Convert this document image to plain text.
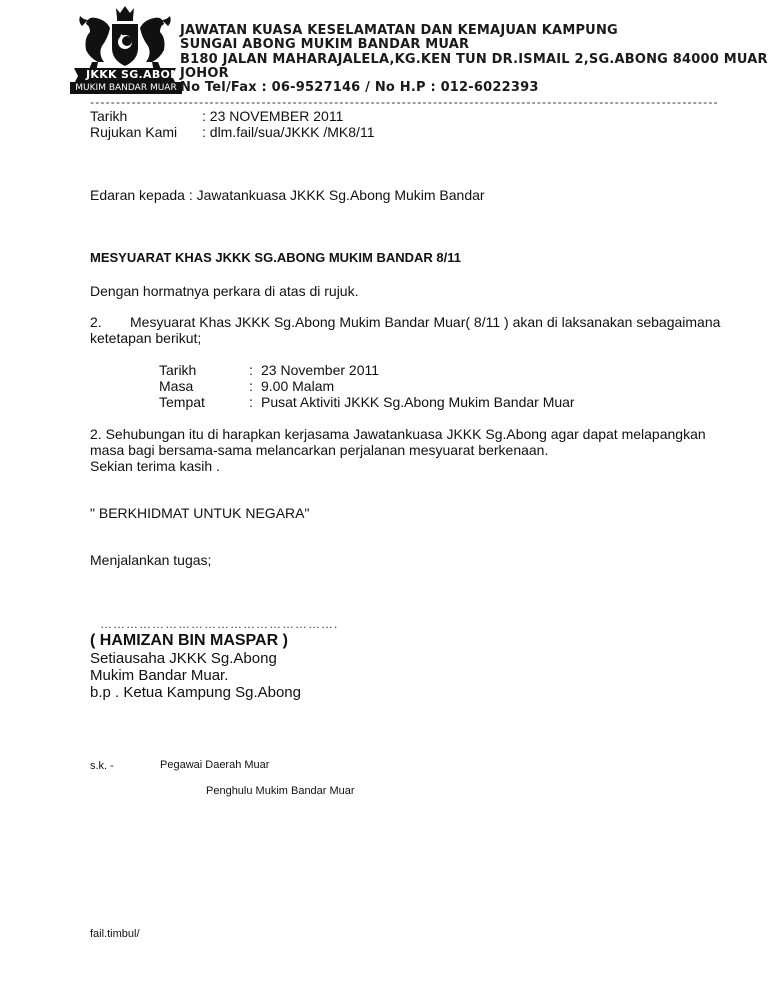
JKKK SG.ABONG
MUKIM BANDAR MUAR
JAWATAN KUASA KESELAMATAN DAN KEMAJUAN KAMPUNG
SUNGAI ABONG MUKIM BANDAR MUAR
B180 JALAN MAHARAJALELA,KG.KEN TUN DR.ISMAIL 2,SG.ABONG 84000 MUAR
JOHOR
No Tel/Fax : 06-9527146 / No H.P : 012-6022393
-------------------------------------------------------------------------------------------------------------------------
Tarikh	: 23 NOVEMBER 2011
Rujukan Kami : dlm.fail/sua/JKKK /MK8/11
Edaran kepada : Jawatankuasa JKKK Sg.Abong Mukim Bandar
MESYUARAT KHAS JKKK SG.ABONG MUKIM BANDAR 8/11
Dengan hormatnya perkara di atas di rujuk.
2. Mesyuarat Khas JKKK Sg.Abong Mukim Bandar Muar( 8/11 ) akan di laksanakan sebagaimana
ketetapan berikut;
Tarikh	: 23 November 2011
Masa	: 9.00 Malam
Tempat	: Pusat Aktiviti JKKK Sg.Abong Mukim Bandar Muar
2. Sehubungan itu di harapkan kerjasama Jawatankuasa JKKK Sg.Abong agar dapat melapangkan
masa bagi bersama-sama melancarkan perjalanan mesyuarat berkenaan.
Sekian terima kasih .
" BERKHIDMAT UNTUK NEGARA"
Menjalankan tugas;
……………………………………………….
( HAMIZAN BIN MASPAR )
Setiausaha JKKK Sg.Abong
Mukim Bandar Muar.
b.p . Ketua Kampung Sg.Abong
s.k. -	Pegawai Daerah Muar
Penghulu Mukim Bandar Muar
fail.timbul/
